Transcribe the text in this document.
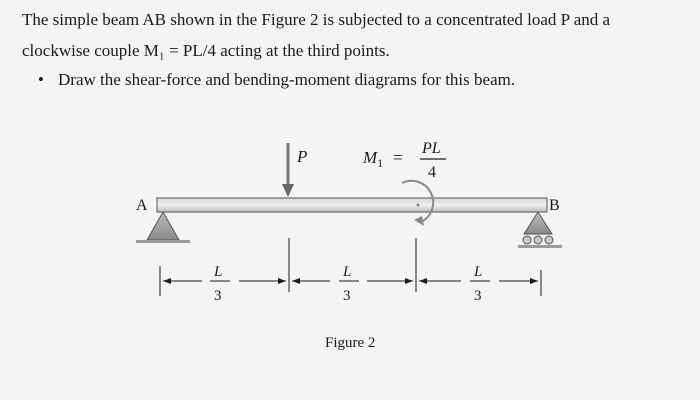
The simple beam AB shown in the Figure 2 is subjected to a concentrated load P and a
clockwise couple M₁ = PL/4 acting at the third points.
• Draw the shear-force and bending-moment diagrams for this beam.
A	B
P	$M_1$ = PL
4
L
3
L
3
L
3
Figure 2
